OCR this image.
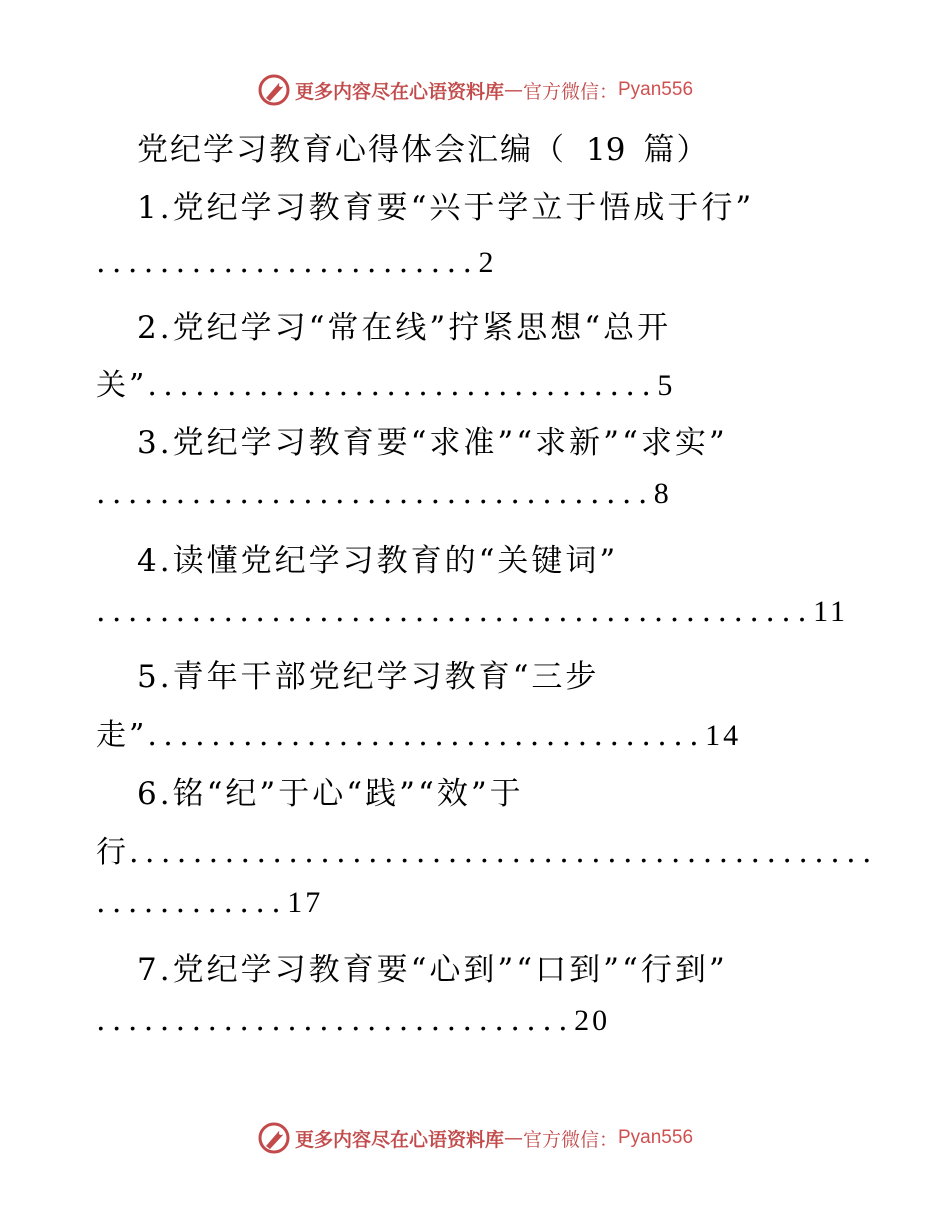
更多内容尽在心语资料库 — 官方微信： Pyan556
党纪学习教育心得体会汇编（ 19 篇）
1.党纪学习教育要“兴于学立于悟成于行”
........................2
2.党纪学习“常在线”拧紧思想“总开
关”................................5
3.党纪学习教育要“求准”“求新”“求实”
...................................8
4.读懂党纪学习教育的“关键词”
.............................................11
5.青年干部党纪学习教育“三步
走”...................................14
6.铭“纪”于心“践”“效”于
行...............................................
............17
7.党纪学习教育要“心到”“口到”“行到”
..............................20
更多内容尽在心语资料库 — 官方微信： Pyan556
